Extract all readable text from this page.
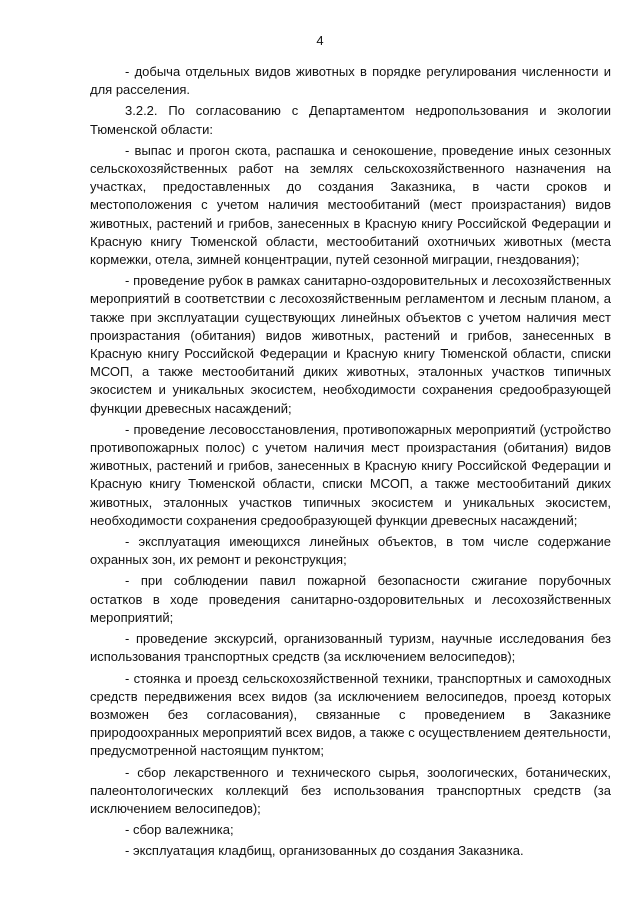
4

- добыча отдельных видов животных в порядке регулирования численности и для расселения.

3.2.2. По согласованию с Департаментом недропользования и экологии Тюменской области:

- выпас и прогон скота, распашка и сенокошение, проведение иных сезонных сельскохозяйственных работ на землях сельскохозяйственного назначения на участках, предоставленных до создания Заказника, в части сроков и местоположения с учетом наличия местообитаний (мест произрастания) видов животных, растений и грибов, занесенных в Красную книгу Российской Федерации и Красную книгу Тюменской области, местообитаний охотничьих животных (места кормежки, отела, зимней концентрации, путей сезонной миграции, гнездования);

- проведение рубок в рамках санитарно-оздоровительных и лесохозяйственных мероприятий в соответствии с лесохозяйственным регламентом и лесным планом, а также при эксплуатации существующих линейных объектов с учетом наличия мест произрастания (обитания) видов животных, растений и грибов, занесенных в Красную книгу Российской Федерации и Красную книгу Тюменской области, списки МСОП, а также местообитаний диких животных, эталонных участков типичных экосистем и уникальных экосистем, необходимости сохранения средообразующей функции древесных насаждений;

- проведение лесовосстановления, противопожарных мероприятий (устройство противопожарных полос) с учетом наличия мест произрастания (обитания) видов животных, растений и грибов, занесенных в Красную книгу Российской Федерации и Красную книгу Тюменской области, списки МСОП, а также местообитаний диких животных, эталонных участков типичных экосистем и уникальных экосистем, необходимости сохранения средообразующей функции древесных насаждений;

- эксплуатация имеющихся линейных объектов, в том числе содержание охранных зон, их ремонт и реконструкция;

- при соблюдении павил пожарной безопасности сжигание порубочных остатков в ходе проведения санитарно-оздоровительных и лесохозяйственных мероприятий;

- проведение экскурсий, организованный туризм, научные исследования без использования транспортных средств (за исключением велосипедов);

- стоянка и проезд сельскохозяйственной техники, транспортных и самоходных средств передвижения всех видов (за исключением велосипедов, проезд которых возможен без согласования), связанные с проведением в Заказнике природоохранных мероприятий всех видов, а также с осуществлением деятельности, предусмотренной настоящим пунктом;

- сбор лекарственного и технического сырья, зоологических, ботанических, палеонтологических коллекций без использования транспортных средств (за исключением велосипедов);

- сбор валежника;

- эксплуатация кладбищ, организованных до создания Заказника.
